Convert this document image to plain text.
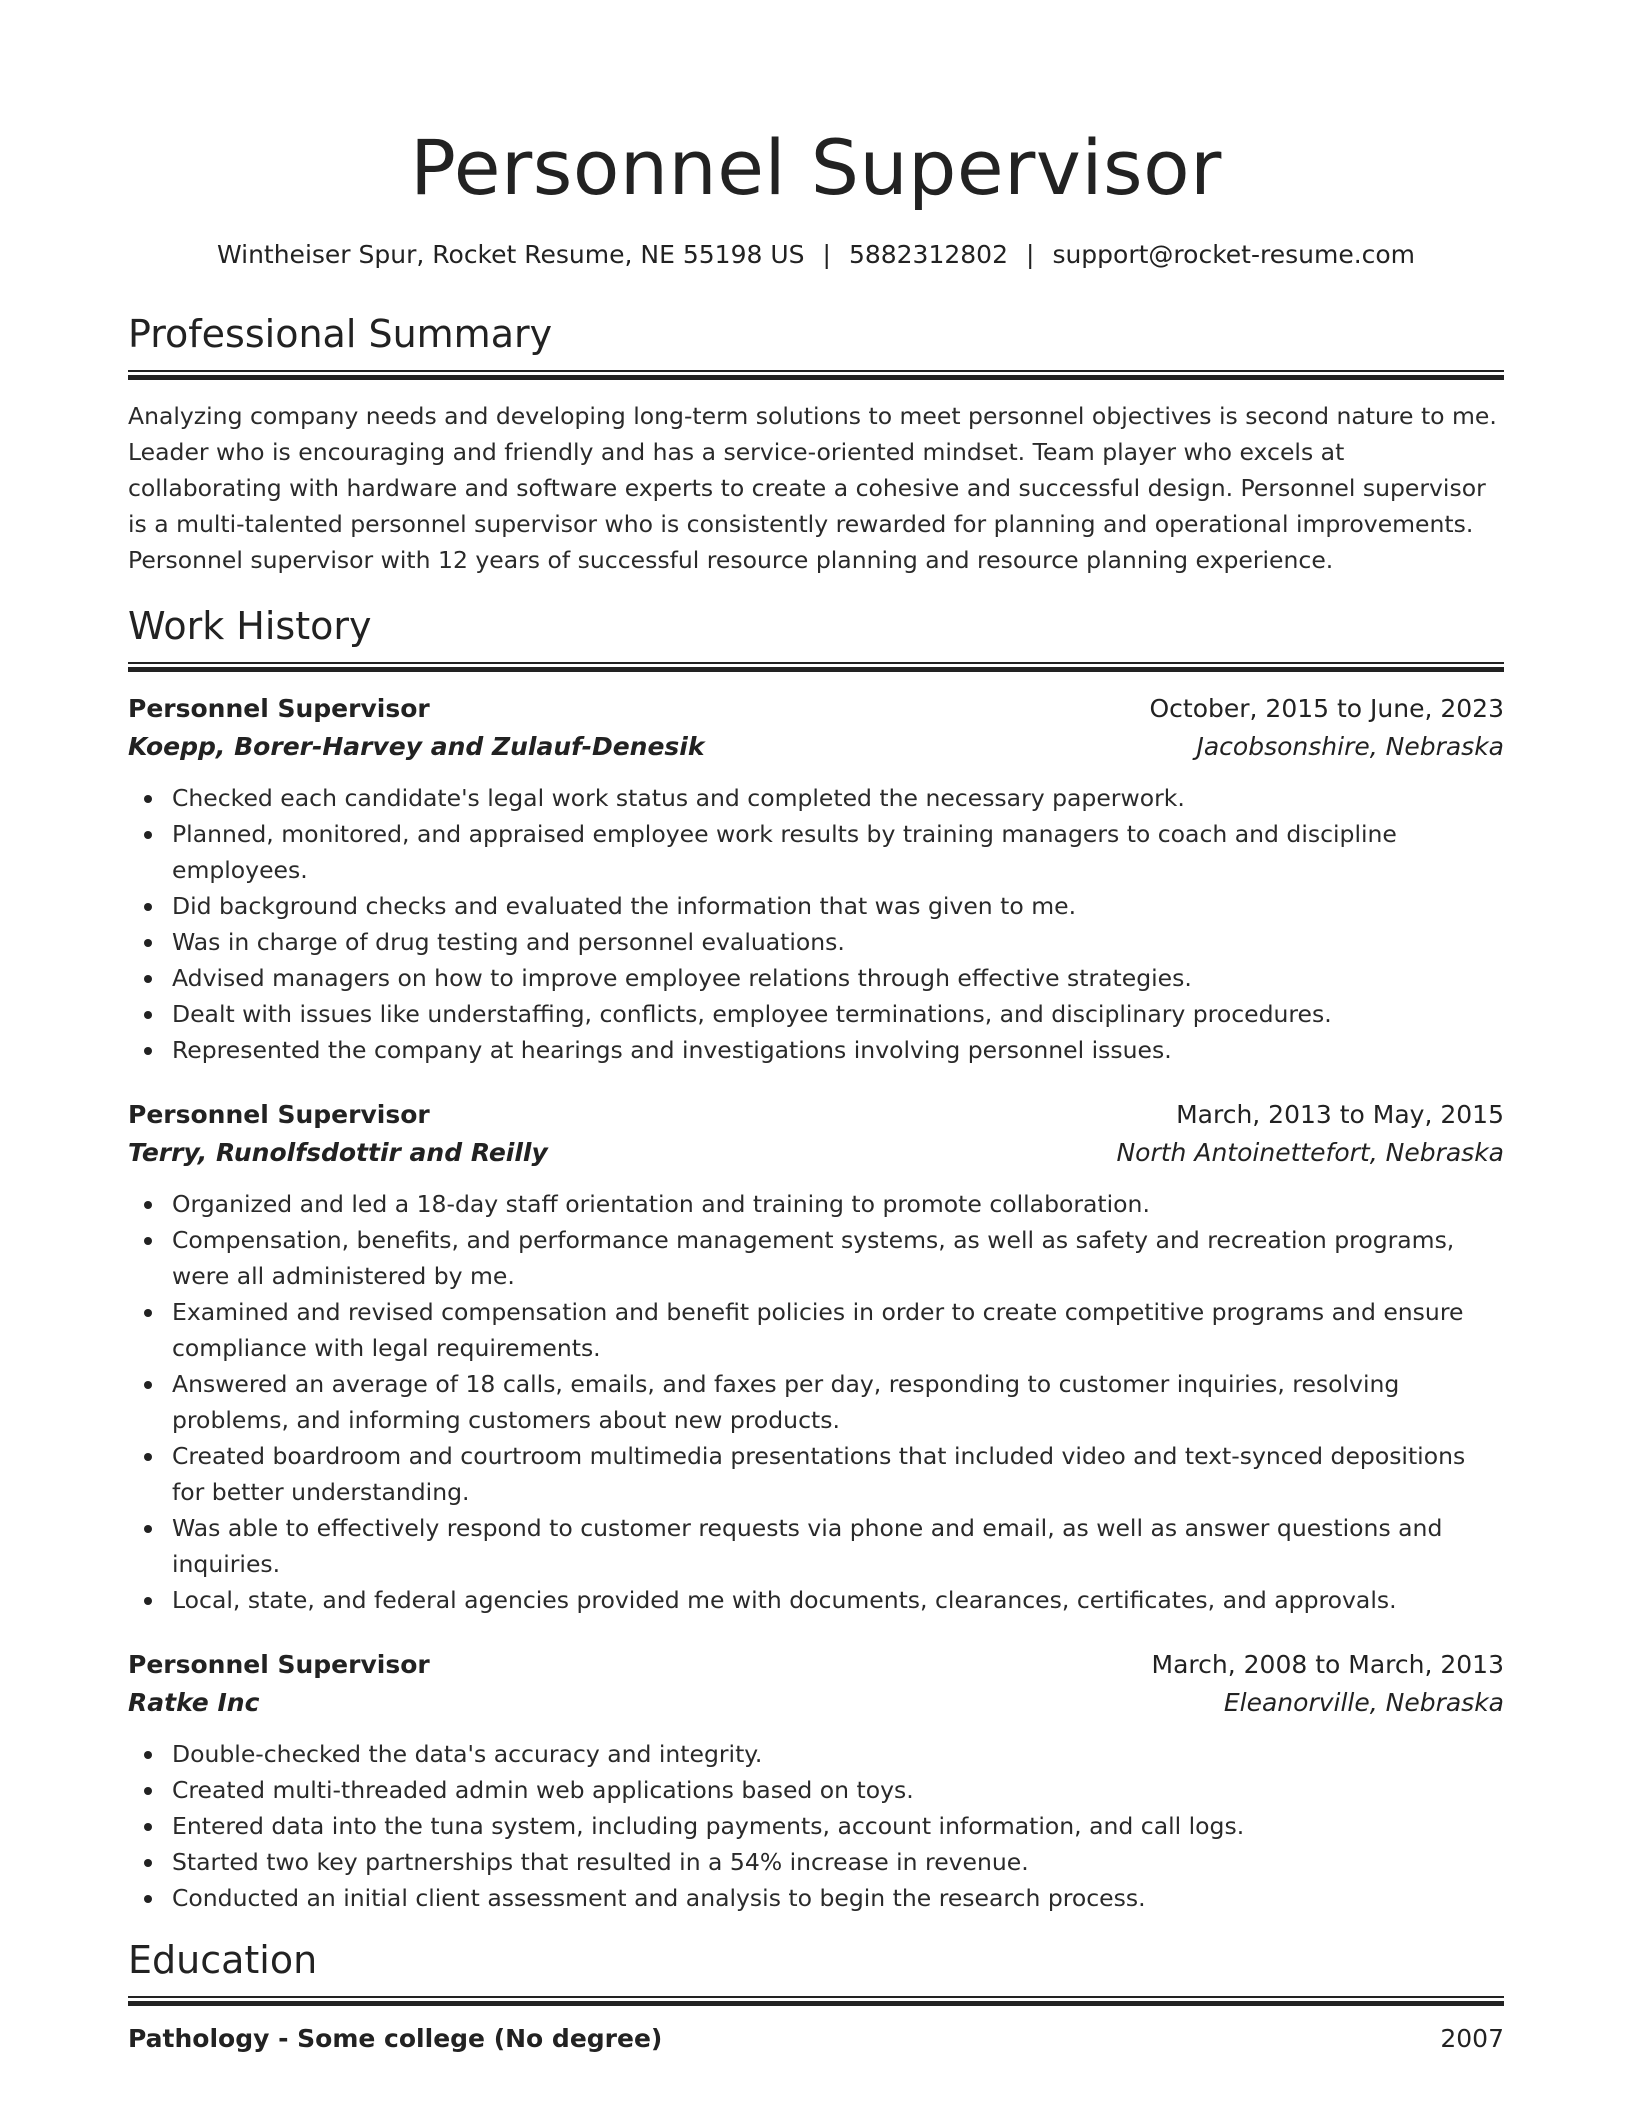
Personnel Supervisor
Wintheiser Spur, Rocket Resume, NE 55198 US | 5882312802 | support@rocket-resume.com
Professional Summary

Analyzing company needs and developing long-term solutions to meet personnel objectives is second nature to me. Leader who is encouraging and friendly and has a service-oriented mindset. Team player who excels at collaborating with hardware and software experts to create a cohesive and successful design. Personnel supervisor is a multi-talented personnel supervisor who is consistently rewarded for planning and operational improvements. Personnel supervisor with 12 years of successful resource planning and resource planning experience.

Work History
Personnel Supervisor	October, 2015 to June, 2023
Koepp, Borer-Harvey and Zulauf-Denesik	Jacobsonshire, Nebraska
Checked each candidate's legal work status and completed the necessary paperwork.
Planned, monitored, and appraised employee work results by training managers to coach and discipline employees.
Did background checks and evaluated the information that was given to me.
Was in charge of drug testing and personnel evaluations.
Advised managers on how to improve employee relations through effective strategies.
Dealt with issues like understaffing, conflicts, employee terminations, and disciplinary procedures.
Represented the company at hearings and investigations involving personnel issues.
Personnel Supervisor	March, 2013 to May, 2015
Terry, Runolfsdottir and Reilly	North Antoinettefort, Nebraska
Organized and led a 18-day staff orientation and training to promote collaboration.
Compensation, benefits, and performance management systems, as well as safety and recreation programs, were all administered by me.
Examined and revised compensation and benefit policies in order to create competitive programs and ensure compliance with legal requirements.
Answered an average of 18 calls, emails, and faxes per day, responding to customer inquiries, resolving problems, and informing customers about new products.
Created boardroom and courtroom multimedia presentations that included video and text-synced depositions for better understanding.
Was able to effectively respond to customer requests via phone and email, as well as answer questions and inquiries.
Local, state, and federal agencies provided me with documents, clearances, certificates, and approvals.
Personnel Supervisor	March, 2008 to March, 2013
Ratke Inc	Eleanorville, Nebraska
Double-checked the data's accuracy and integrity.
Created multi-threaded admin web applications based on toys.
Entered data into the tuna system, including payments, account information, and call logs.
Started two key partnerships that resulted in a 54% increase in revenue.
Conducted an initial client assessment and analysis to begin the research process.
Education
Pathology - Some college (No degree)	2007
